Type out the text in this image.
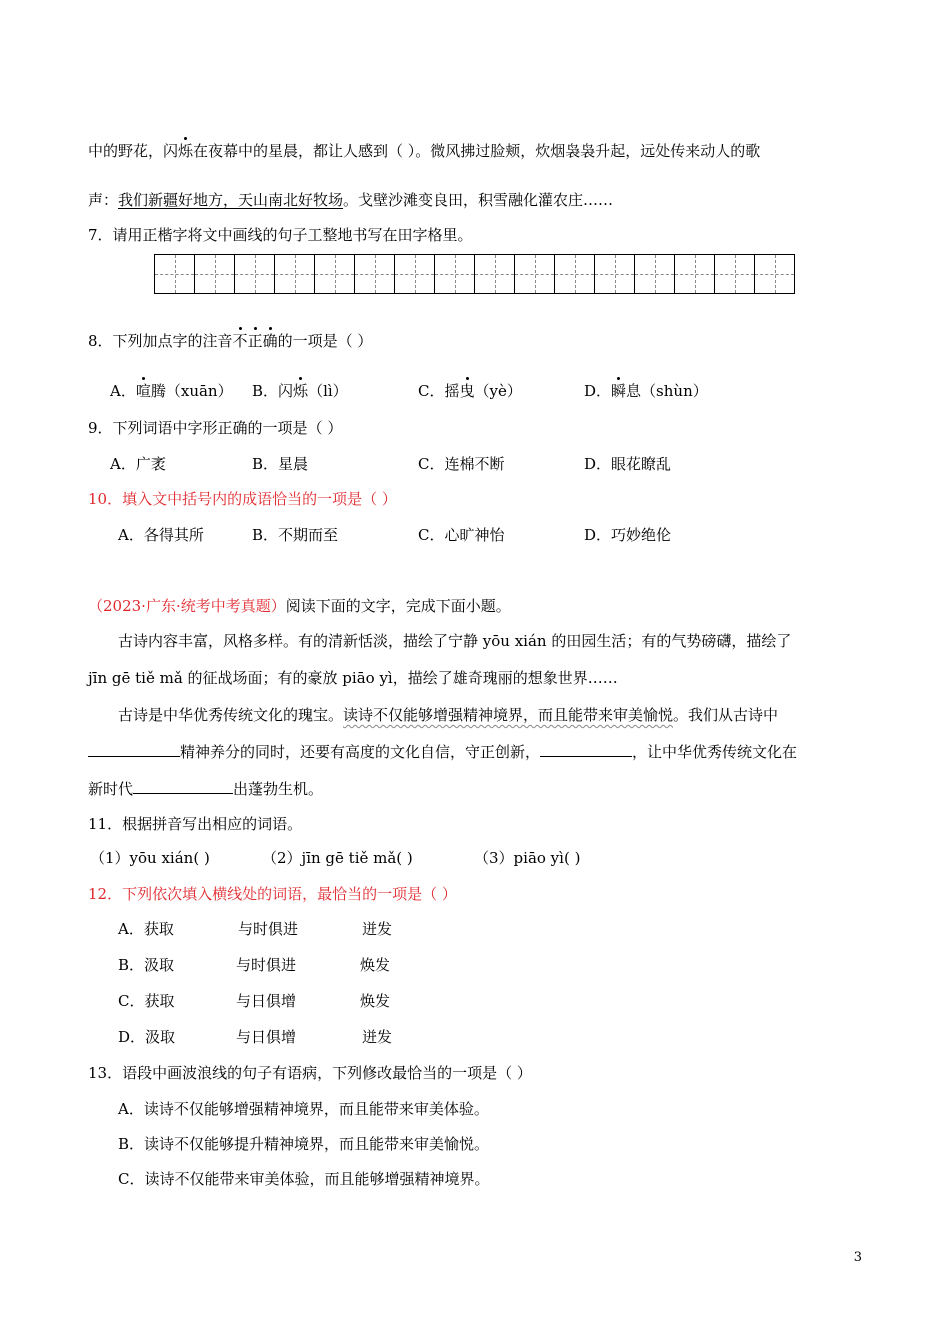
中的野花，闪烁在夜幕中的星晨，都让人感到（ ）。微风拂过脸颊，炊烟袅袅升起，远处传来动人的歌
声：我们新疆好地方，天山南北好牧场。戈壁沙滩变良田，积雪融化灌农庄……
7．请用正楷字将文中画线的句子工整地书写在田字格里。
8．下列加点字的注音不正确的一项是（ ）
A．喧腾（xuān） B．闪烁（lì）	C．摇曳（yè）	D．瞬息（shùn）
9．下列词语中字形正确的一项是（ ）
A．广袤	B．星晨	C．连棉不断	D．眼花瞭乱
10．填入文中括号内的成语恰当的一项是（ ）
A．各得其所	B．不期而至	C．心旷神怡	D．巧妙绝伦
（2023·广东·统考中考真题）阅读下面的文字，完成下面小题。
古诗内容丰富，风格多样。有的清新恬淡，描绘了宁静 yōu xián 的田园生活；有的气势磅礴，描绘了
jīn gē tiě mǎ 的征战场面；有的豪放 piāo yì，描绘了雄奇瑰丽的想象世界……
古诗是中华优秀传统文化的瑰宝。读诗不仅能够增强精神境界，而且能带来审美愉悦。我们从古诗中
精神养分的同时，还要有高度的文化自信，守正创新，	，让中华优秀传统文化在
新时代	出蓬勃生机。
11．根据拼音写出相应的词语。
（1）yōu xián( )	（2）jīn gē tiě mǎ( )	（3）piāo yì( )
12．下列依次填入横线处的词语，最恰当的一项是（ ）
A．获取	与时俱进	迸发
B．汲取	与时俱进	焕发
C．获取	与日俱增	焕发
D．汲取	与日俱增	迸发
13．语段中画波浪线的句子有语病，下列修改最恰当的一项是（ ）
A．读诗不仅能够增强精神境界，而且能带来审美体验。
B．读诗不仅能够提升精神境界，而且能带来审美愉悦。
C．读诗不仅能带来审美体验，而且能够增强精神境界。
3
